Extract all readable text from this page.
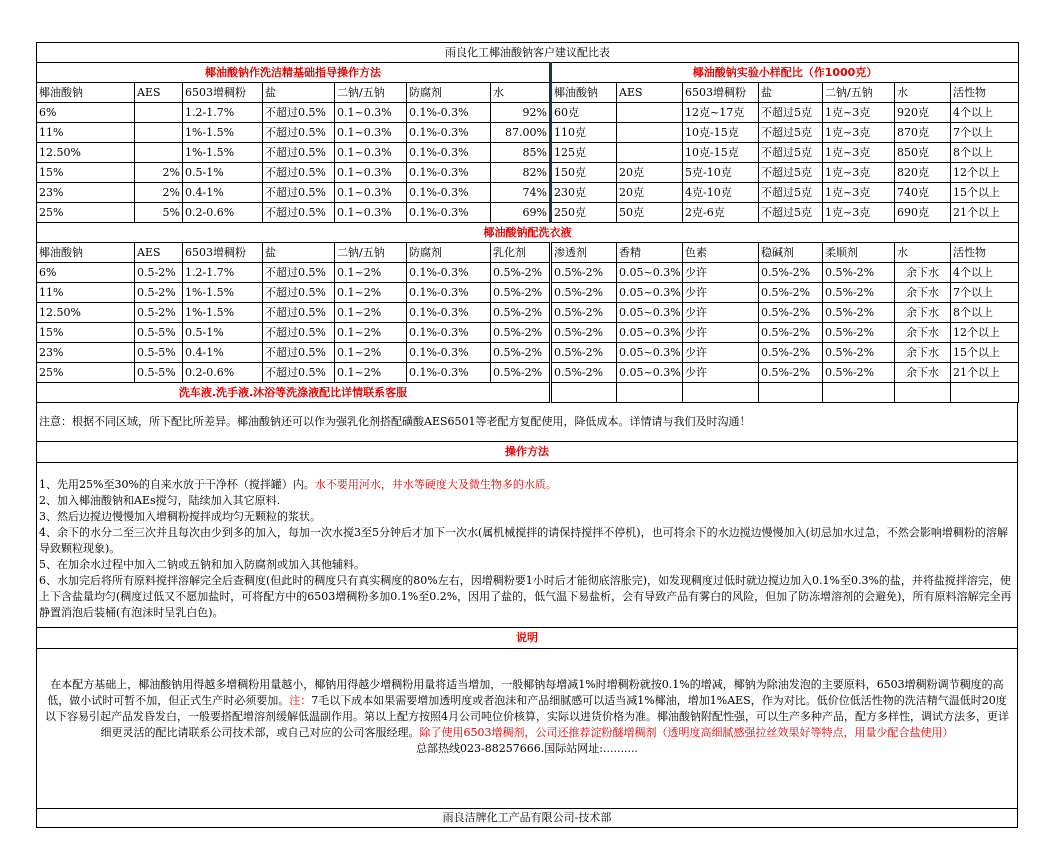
雨良化工椰油酸钠客户建议配比表													
椰油酸钠作洗洁精基础指导操作方法							椰油酸钠实验小样配比（作1000克）						
椰油酸钠	AES	6503增稠粉	盐	二钠/五钠	防腐剂	水	椰油酸钠	AES	6503增稠粉	盐	二钠/五钠	水	活性物
6%		1.2-1.7%	不超过0.5%	0.1~0.3%	0.1%-0.3%	92%	60克		12克~17克	不超过5克	1克~3克	920克	4个以上
11%		1%-1.5%	不超过0.5%	0.1~0.3%	0.1%-0.3%	87.00%	110克		10克-15克	不超过5克	1克~3克	870克	7个以上
12.50%		1%-1.5%	不超过0.5%	0.1~0.3%	0.1%-0.3%	85%	125克		10克-15克	不超过5克	1克~3克	850克	8个以上
15%	2%	0.5-1%	不超过0.5%	0.1~0.3%	0.1%-0.3%	82%	150克	20克	5克-10克	不超过5克	1克~3克	820克	12个以上
23%	2%	0.4-1%	不超过0.5%	0.1~0.3%	0.1%-0.3%	74%	230克	20克	4克-10克	不超过5克	1克~3克	740克	15个以上
25%	5%	0.2-0.6%	不超过0.5%	0.1~0.3%	0.1%-0.3%	69%	250克	50克	2克-6克	不超过5克	1克~3克	690克	21个以上
椰油酸钠配洗衣液													
椰油酸钠	AES	6503增稠粉	盐	二钠/五钠	防腐剂	乳化剂	渗透剂	香精	色素	稳碱剂	柔顺剂	水	活性物
6%	0.5-2%	1.2-1.7%	不超过0.5%	0.1~2%	0.1%-0.3%	0.5%-2%	0.5%-2%	0.05~0.3%	少许	0.5%-2%	0.5%-2%	余下水	4个以上
11%	0.5-2%	1%-1.5%	不超过0.5%	0.1~2%	0.1%-0.3%	0.5%-2%	0.5%-2%	0.05~0.3%	少许	0.5%-2%	0.5%-2%	余下水	7个以上
12.50%	0.5-2%	1%-1.5%	不超过0.5%	0.1~2%	0.1%-0.3%	0.5%-2%	0.5%-2%	0.05~0.3%	少许	0.5%-2%	0.5%-2%	余下水	8个以上
15%	0.5-5%	0.5-1%	不超过0.5%	0.1~2%	0.1%-0.3%	0.5%-2%	0.5%-2%	0.05~0.3%	少许	0.5%-2%	0.5%-2%	余下水	12个以上
23%	0.5-5%	0.4-1%	不超过0.5%	0.1~2%	0.1%-0.3%	0.5%-2%	0.5%-2%	0.05~0.3%	少许	0.5%-2%	0.5%-2%	余下水	15个以上
25%	0.5-5%	0.2-0.6%	不超过0.5%	0.1~2%	0.1%-0.3%	0.5%-2%	0.5%-2%	0.05~0.3%	少许	0.5%-2%	0.5%-2%	余下水	21个以上
洗车液.洗手液.沐浴等洗涤液配比详情联系客服													
注意：根据不同区域，所下配比所差异。椰油酸钠还可以作为强乳化剂搭配磺酸AES6501等老配方复配使用，降低成本。详情请与我们及时沟通！
操作方法

1、先用25%至30%的自来水放于干净杯（搅拌罐）内。水不要用河水，井水等硬度大及微生物多的水质。

2、加入椰油酸钠和AEs搅匀，陆续加入其它原料.

3、然后边搅边慢慢加入增稠粉搅拌成均匀无颗粒的浆状。

4、余下的水分二至三次并且每次由少到多的加入，每加一次水搅3至5分钟后才加下一次水(属机械搅拌的请保持搅拌不停机)，也可将余下的水边搅边慢慢加入(切忌加水过急，不然会影响增稠粉的溶解导致颗粒现象)。

5、在加余水过程中加入二钠或五钠和加入防腐剂或加入其他辅料。

6、水加完后将所有原料搅拌溶解完全后查稠度(但此时的稠度只有真实稠度的80%左右，因增稠粉要1小时后才能彻底溶胀完)，如发现稠度过低时就边搅边加入0.1%至0.3%的盐，并将盐搅拌溶完，使上下含盐量均匀(稠度过低又不愿加盐时，可将配方中的6503增稠粉多加0.1%至0.2%，因用了盐的，低气温下易盐析，会有导致产品有雾白的风险，但加了防冻增溶剂的会避免)，所有原料溶解完全再静置消泡后装桶(有泡沫时呈乳白色)。

说明
在本配方基础上，椰油酸钠用得越多增稠粉用量越小，椰钠用得越少增稠粉用量将适当增加，一般椰钠每增减1%时增稠粉就按0.1%的增减，椰钠为除油发泡的主要原料，6503增稠粉调节稠度的高低，做小试时可暂不加，但正式生产时必须要加。注：7毛以下成本如果需要增加透明度或者泡沫和产品细腻感可以适当减1%椰油，增加1%AES，作为对比。低价位低活性物的洗洁精气温低时20度以下容易引起产品发昏发白，一般要搭配增溶剂缓解低温副作用。第以上配方按照4月公司吨位价核算，实际以进货价格为准。椰油酸钠附配性强，可以生产多种产品，配方多样性，调试方法多，更详细更灵活的配比请联系公司技术部，或自己对应的公司客服经理。除了使用6503增稠剂，公司还推荐淀粉醚增稠剂（透明度高细腻感强拉丝效果好等特点，用量少配合盐使用）
总部热线023-88257666.国际站网址:..........
雨良洁牌化工产品有限公司-技术部
